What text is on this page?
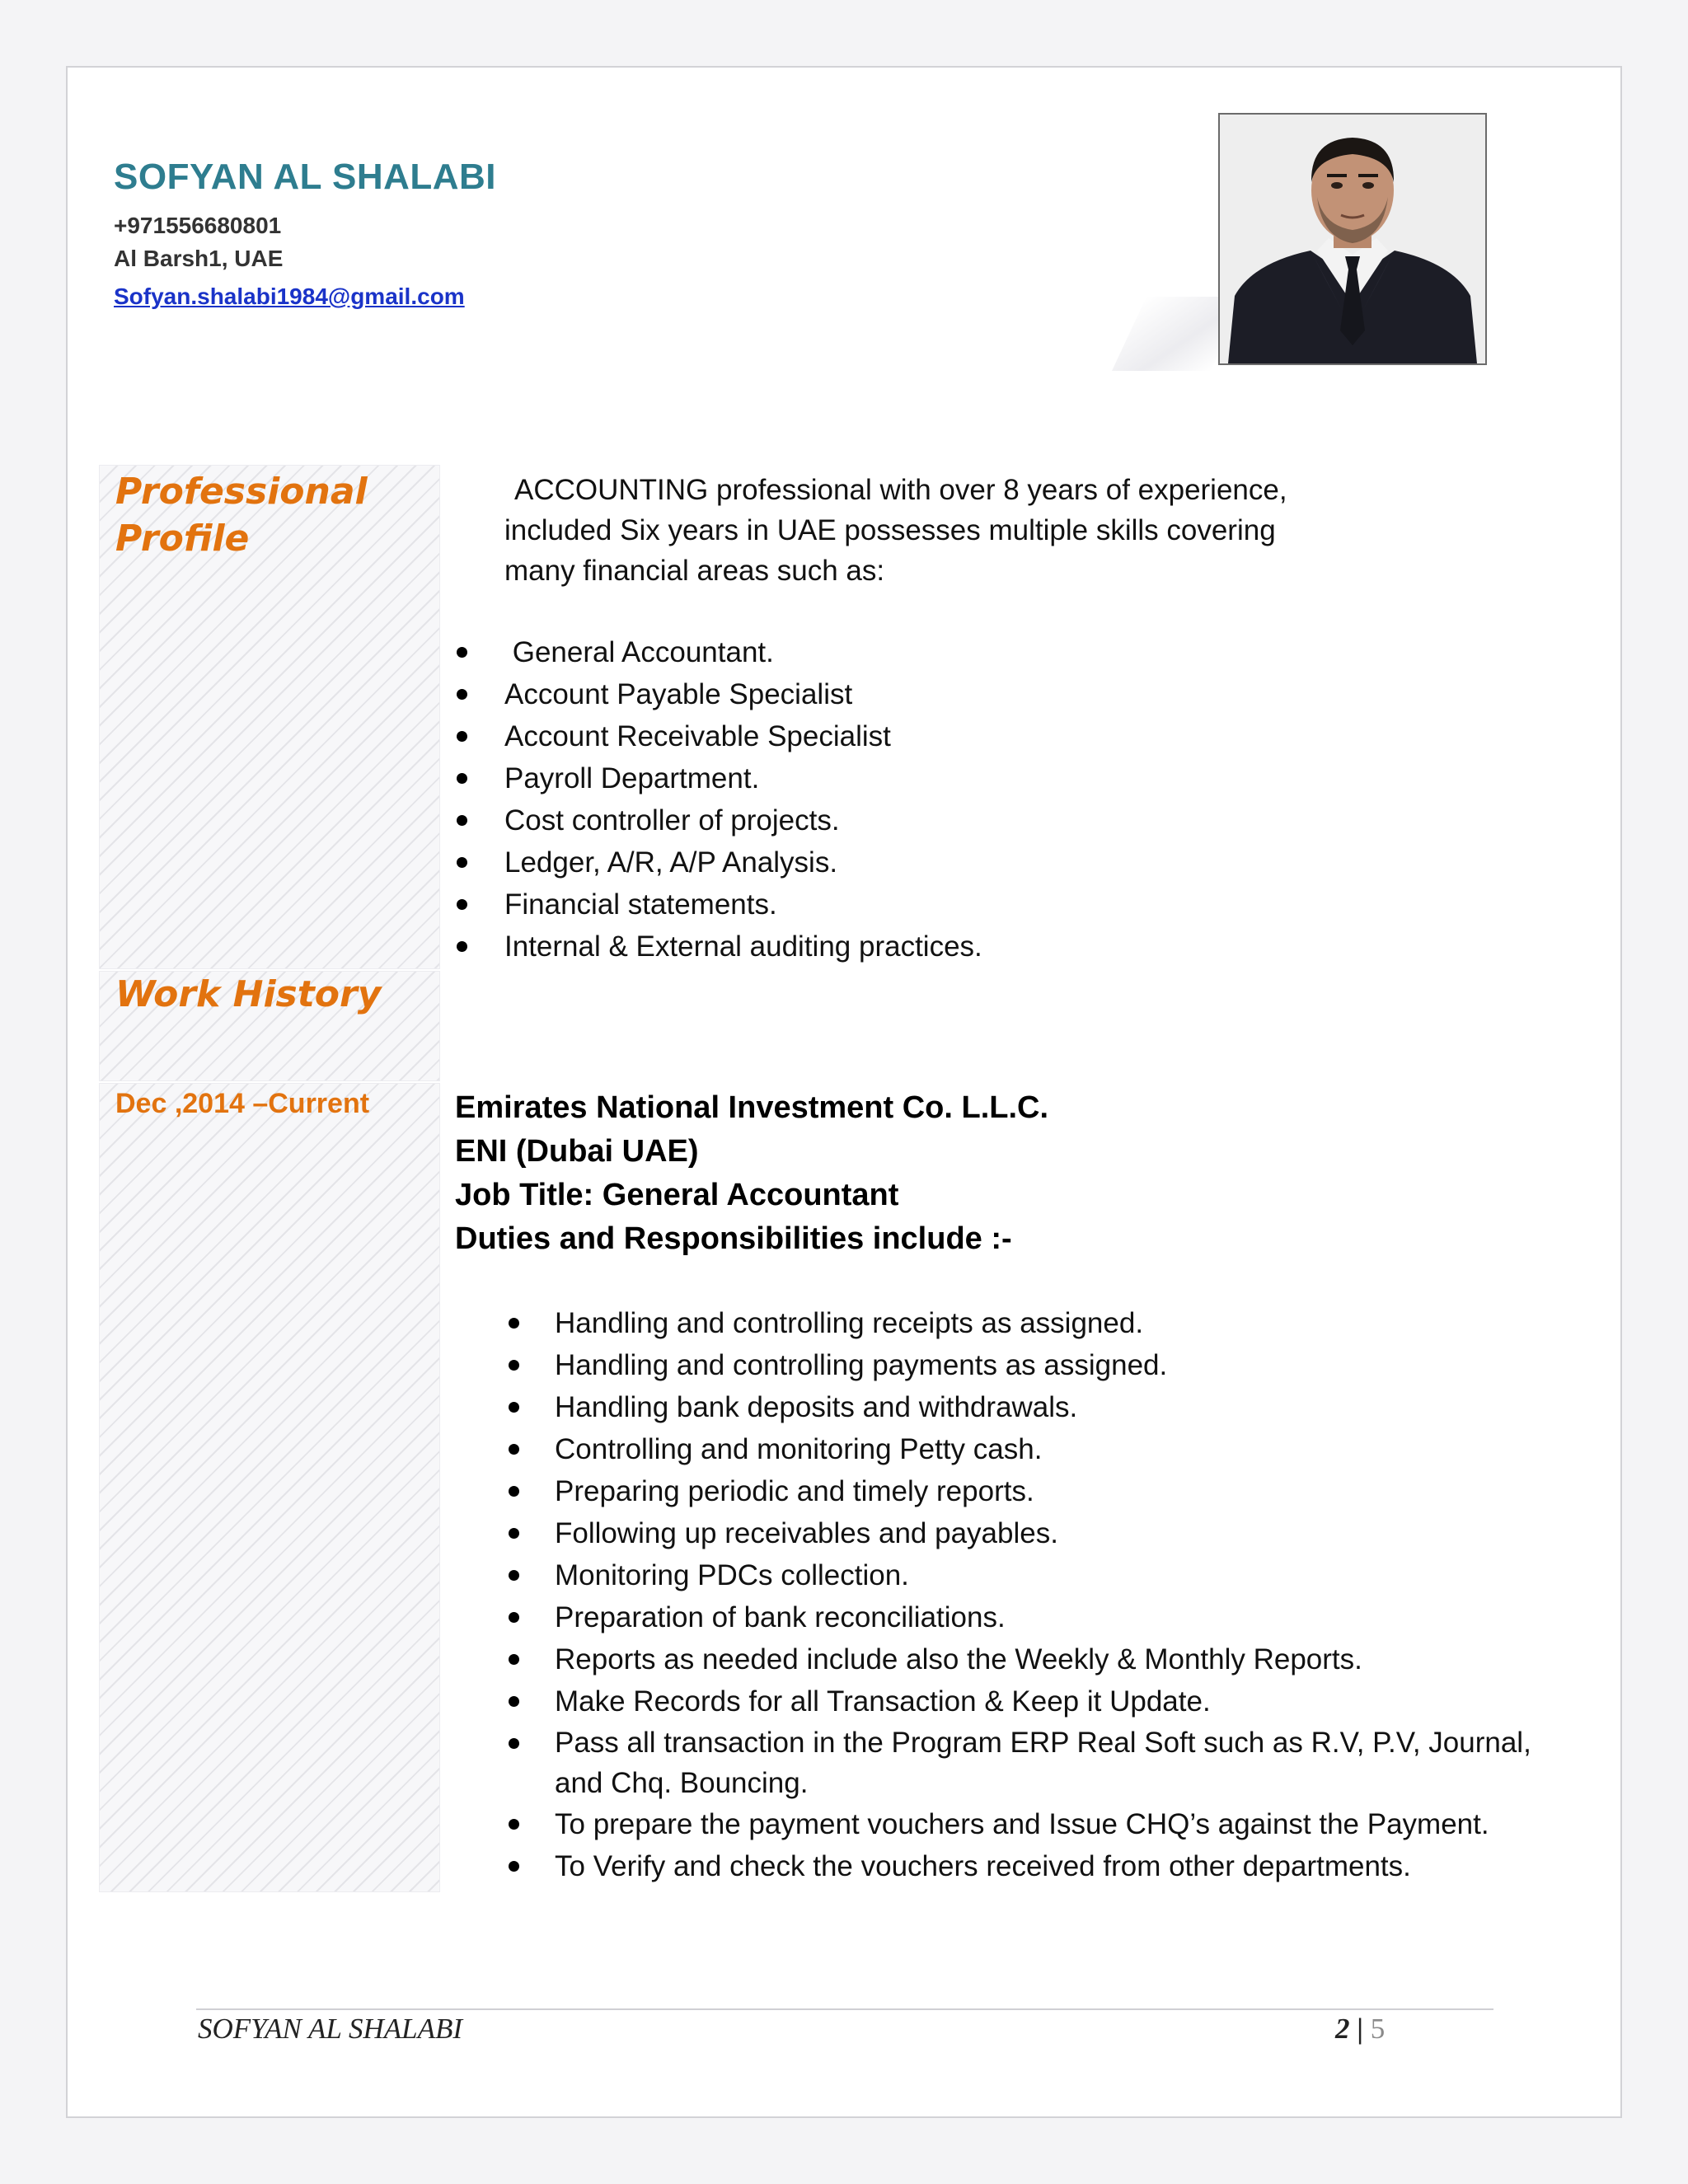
SOFYAN AL SHALABI
+971556680801
Al Barsh1, UAE
Sofyan.shalabi1984@gmail.com
Professional Profile
Work History
Dec ,2014 –Current
ACCOUNTING professional with over 8 years of experience, included Six years in UAE possesses multiple skills covering many financial areas such as:
General Accountant.
Account Payable Specialist
Account Receivable Specialist
Payroll Department.
Cost controller of projects.
Ledger, A/R, A/P Analysis.
Financial statements.
Internal & External auditing practices.
Emirates National Investment Co. L.L.C.
ENI (Dubai UAE)
Job Title: General Accountant
Duties and Responsibilities include :-
Handling and controlling receipts as assigned.
Handling and controlling payments as assigned.
Handling bank deposits and withdrawals.
Controlling and monitoring Petty cash.
Preparing periodic and timely reports.
Following up receivables and payables.
Monitoring PDCs collection.
Preparation of bank reconciliations.
Reports as needed include also the Weekly & Monthly Reports.
Make Records for all Transaction & Keep it Update.
Pass all transaction in the Program ERP Real Soft such as R.V, P.V, Journal, and Chq. Bouncing.
To prepare the payment vouchers and Issue CHQ’s against the Payment.
To Verify and check the vouchers received from other departments.
SOFYAN AL SHALABI	2 | 5
